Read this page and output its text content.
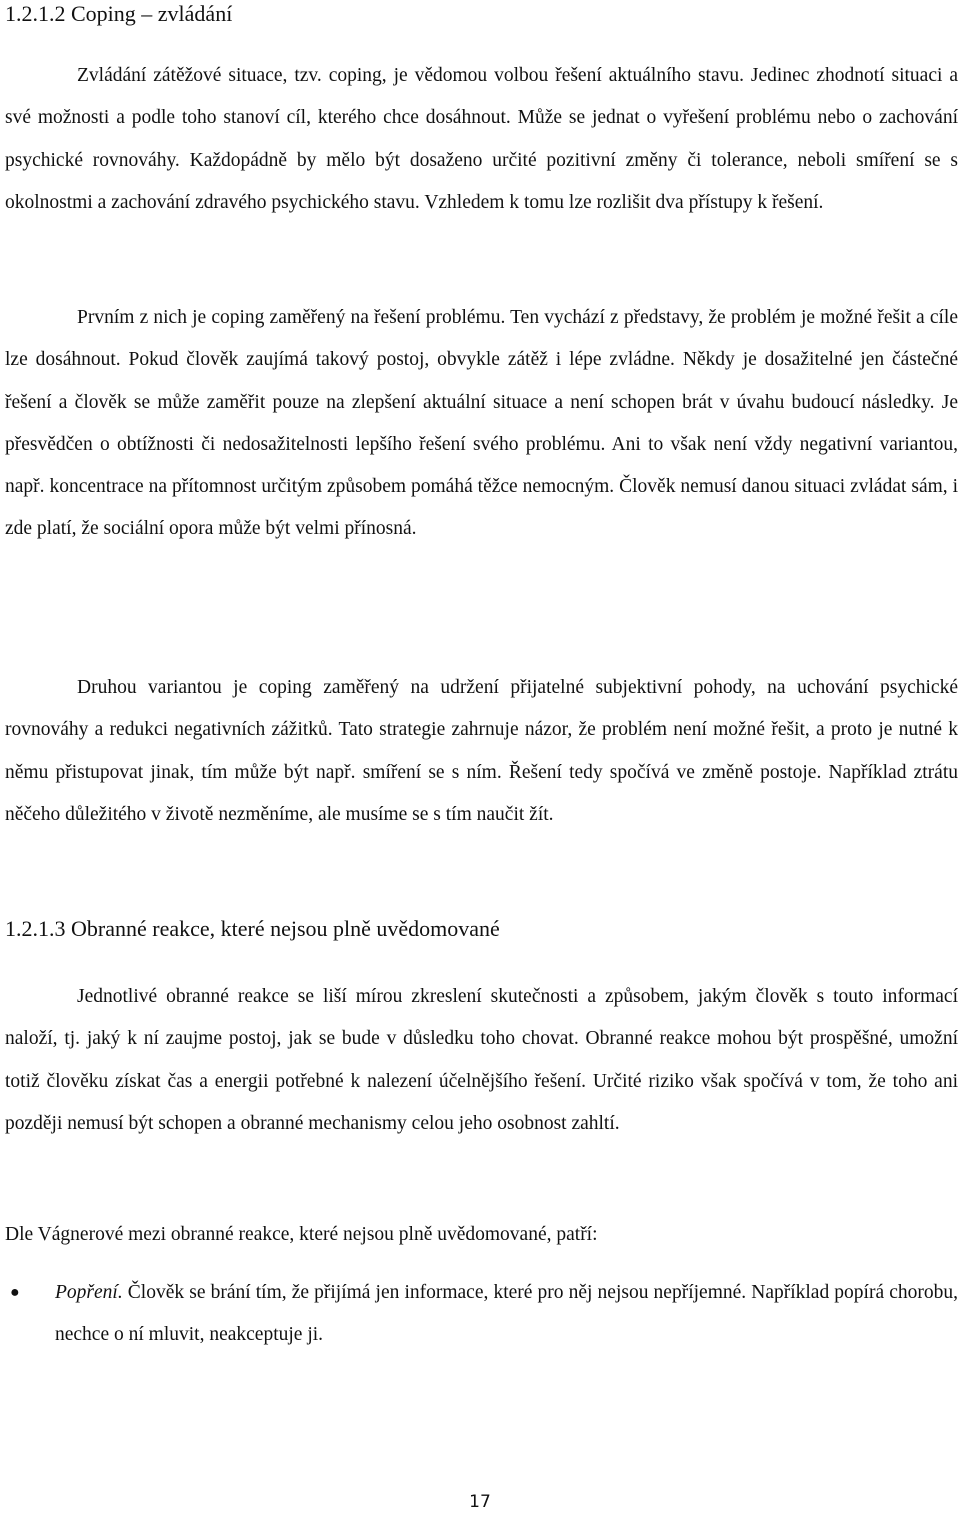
1.2.1.2 Coping – zvládání

Zvládání zátěžové situace, tzv. coping, je vědomou volbou řešení aktuálního stavu. Jedinec zhodnotí situaci a své možnosti a podle toho stanoví cíl, kterého chce dosáhnout. Může se jednat o vyřešení problému nebo o zachování psychické rovnováhy. Každopádně by mělo být dosaženo určité pozitivní změny či tolerance, neboli smíření se s okolnostmi a zachování zdravého psychického stavu. Vzhledem k tomu lze rozlišit dva přístupy k řešení.

Prvním z nich je coping zaměřený na řešení problému. Ten vychází z představy, že problém je možné řešit a cíle lze dosáhnout. Pokud člověk zaujímá takový postoj, obvykle zátěž i lépe zvládne. Někdy je dosažitelné jen částečné řešení a člověk se může zaměřit pouze na zlepšení aktuální situace a není schopen brát v úvahu budoucí následky. Je přesvědčen o obtížnosti či nedosažitelnosti lepšího řešení svého problému. Ani to však není vždy negativní variantou, např. koncentrace na přítomnost určitým způsobem pomáhá těžce nemocným. Člověk nemusí danou situaci zvládat sám, i zde platí, že sociální opora může být velmi přínosná.

Druhou variantou je coping zaměřený na udržení přijatelné subjektivní pohody, na uchování psychické rovnováhy a redukci negativních zážitků. Tato strategie zahrnuje názor, že problém není možné řešit, a proto je nutné k němu přistupovat jinak, tím může být např. smíření se s ním. Řešení tedy spočívá ve změně postoje. Například ztrátu něčeho důležitého v životě nezměníme, ale musíme se s tím naučit žít.

1.2.1.3 Obranné reakce, které nejsou plně uvědomované

Jednotlivé obranné reakce se liší mírou zkreslení skutečnosti a způsobem, jakým člověk s touto informací naloží, tj. jaký k ní zaujme postoj, jak se bude v důsledku toho chovat. Obranné reakce mohou být prospěšné, umožní totiž člověku získat čas a energii potřebné k nalezení účelnějšího řešení. Určité riziko však spočívá v tom, že toho ani později nemusí být schopen a obranné mechanismy celou jeho osobnost zahltí.

Dle Vágnerové mezi obranné reakce, které nejsou plně uvědomované, patří:

● Popření. Člověk se brání tím, že přijímá jen informace, které pro něj nejsou nepříjemné. Například popírá chorobu, nechce o ní mluvit, neakceptuje ji.
17
